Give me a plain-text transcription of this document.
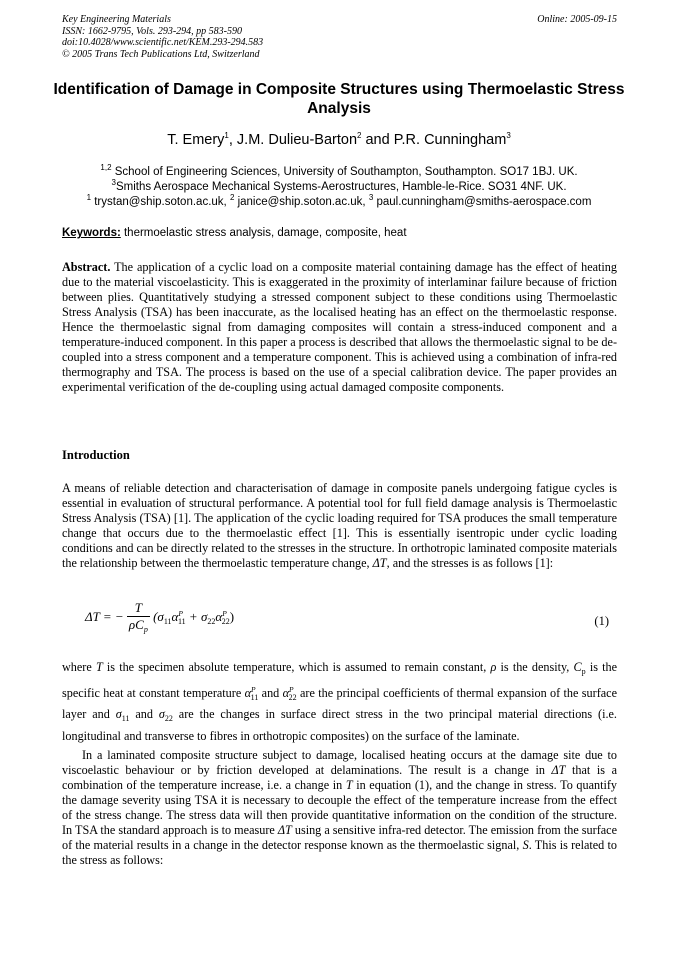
Key Engineering Materials
ISSN: 1662-9795, Vols. 293-294, pp 583-590
doi:10.4028/www.scientific.net/KEM.293-294.583
© 2005 Trans Tech Publications Ltd, Switzerland
Online: 2005-09-15
Identification of Damage in Composite Structures using Thermoelastic Stress Analysis
T. Emery$^1$, J.M. Dulieu-Barton$^2$ and P.R. Cunningham$^3$
$^{1,2}$ School of Engineering Sciences, University of Southampton, Southampton. SO17 1BJ. UK.
$^3$Smiths Aerospace Mechanical Systems-Aerostructures, Hamble-le-Rice. SO31 4NF. UK.
$^1$ trystan@ship.soton.ac.uk, $^2$ janice@ship.soton.ac.uk, $^3$ paul.cunningham@smiths-aerospace.com
Keywords: thermoelastic stress analysis, damage, composite, heat
Abstract. The application of a cyclic load on a composite material containing damage has the effect of heating due to the material viscoelasticity. This is exaggerated in the proximity of interlaminar failure because of friction between plies. Quantitatively studying a stressed component subject to these conditions using Thermoelastic Stress Analysis (TSA) has been inaccurate, as the localised heating has an effect on the thermoelastic response. Hence the thermoelastic signal from damaging composites will contain a stress-induced component and a temperature-induced component. In this paper a process is described that allows the thermoelastic signal to be de-coupled into a stress component and a temperature component. This is achieved using a combination of infra-red thermography and TSA. The process is based on the use of a special calibration device. The paper provides an experimental verification of the de-coupling using actual damaged composite components.
Introduction
A means of reliable detection and characterisation of damage in composite panels undergoing fatigue cycles is essential in evaluation of structural performance. A potential tool for full field damage analysis is Thermoelastic Stress Analysis (TSA) [1]. The application of the cyclic loading required for TSA produces the small temperature change that occurs due to the thermoelastic effect [1]. This is essentially isentropic under cyclic loading conditions and can be directly related to the stresses in the structure. In orthotropic laminated composite materials the relationship between the thermoelastic temperature change, ΔT, and the stresses is as follows [1]:
ΔT = − $\frac{T}{\rho C_p} (\sigma_{11}\alpha^P_{11} + \sigma_{22}\alpha^P_{22})$	(1)
where T is the specimen absolute temperature, which is assumed to remain constant, ρ is the density, $C_p$ is the specific heat at constant temperature $\alpha^P_{11}$ and $\alpha^P_{22}$ are the principal coefficients of thermal expansion of the surface layer and $\sigma_{11}$ and $\sigma_{22}$ are the changes in surface direct stress in the two principal material directions (i.e. longitudinal and transverse to fibres in orthotropic composites) on the surface of the laminate.
In a laminated composite structure subject to damage, localised heating occurs at the damage site due to viscoelastic behaviour or by friction developed at delaminations. The result is a change in ΔT that is a combination of the temperature increase, i.e. a change in T in equation (1), and the change in stress. To quantify the damage severity using TSA it is necessary to decouple the effect of the temperature increase from the effect of the stress change. The stress data will then provide quantitative information on the condition of the structure. In TSA the standard approach is to measure ΔT using a sensitive infra-red detector. The emission from the surface of the material results in a change in the detector response known as the thermoelastic signal, S. This is related to the stress as follows:
